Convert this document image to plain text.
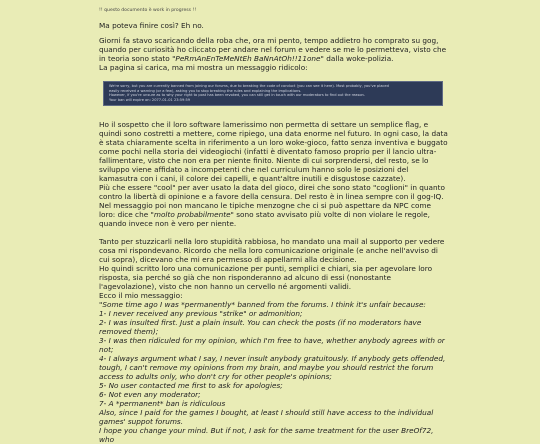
!! questo documento è work in progress !!
Ma poteva finire così? Eh no.

Giorni fa stavo scaricando della roba che, ora mi pento, tempo addietro ho comprato su gog, quando per curiosità ho cliccato per andare nel forum e vedere se me lo permetteva, visto che in teoria sono stato "PeRmAnEnTeMeNtEh BaNnAtOh!!11one" dalla woke-polizia.

La pagina si carica, ma mi mostra un messaggio ridicolo:

We're sorry, but you are currently banned from joining our forums, due to breaking the code of conduct (you can see it here). Most probably, you've placed
easily received a warning (or a few), asking you to stop breaking the rules and explaining the implications.
However, if you're unsure as to why your right to post has been revoked, you can still get in touch with our moderators to find out the reason.
Your ban will expire on: 2077-01-01 23:59:59

Ho il sospetto che il loro software lamerissimo non permetta di settare un semplice flag, e quindi sono costretti a mettere, come ripiego, una data enorme nel futuro. In ogni caso, la data è stata chiaramente scelta in riferimento a un loro woke-gioco, fatto senza inventiva e buggato come pochi nella storia dei videogiochi (infatti è diventato famoso proprio per il lancio ultra-fallimentare, visto che non era per niente finito. Niente di cui sorprendersi, del resto, se lo sviluppo viene affidato a incompetenti che nel curriculum hanno solo le posizioni del kamasutra con i cani, il colore dei capelli, e quant'altre inutili e disgustose cazzate).
Più che essere "cool" per aver usato la data del gioco, direi che sono stato "coglioni" in quanto contro la libertà di opinione e a favore della censura. Del resto è in linea sempre con il gog-IQ.
Nel messaggio poi non mancano le tipiche menzogne che ci si può aspettare da NPC come loro: dice che "molto probabilmente" sono stato avvisato più volte di non violare le regole, quando invece non è vero per niente.

Tanto per stuzzicarli nella loro stupidità rabbiosa, ho mandato una mail al supporto per vedere cosa mi rispondevano. Ricordo che nella loro comunicazione originale (e anche nell'avviso di cui sopra), dicevano che mi era permesso di appellarmi alla decisione.
Ho quindi scritto loro una comunicazione per punti, semplici e chiari, sia per agevolare loro risposta, sia perché so già che non risponderanno ad alcuno di essi (nonostante l'agevolazione), visto che non hanno un cervello né argomenti validi.
Ecco il mio messaggio:

"Some time ago I was *permanently* banned from the forums. I think it's unfair because:

1- I never received any previous "strike" or admonition;

2- I was insulted first. Just a plain insult. You can check the posts (if no moderators have removed them);

3- I was then ridiculed for my opinion, which I'm free to have, whether anybody agrees with or not;

4- I always argument what I say, I never insult anybody gratuitously. If anybody gets offended, tough, I can't remove my opinions from my brain, and maybe you should restrict the forum access to adults only, who don't cry for other people's opinions;

5- No user contacted me first to ask for apologies;

6- Not even any moderator;

7- A *permanent* ban is ridiculous

Also, since I paid for the games I bought, at least I should still have access to the individual games' suppot forums.

I hope you change your mind. But if not, I ask for the same treatment for the user BreOf72, who
